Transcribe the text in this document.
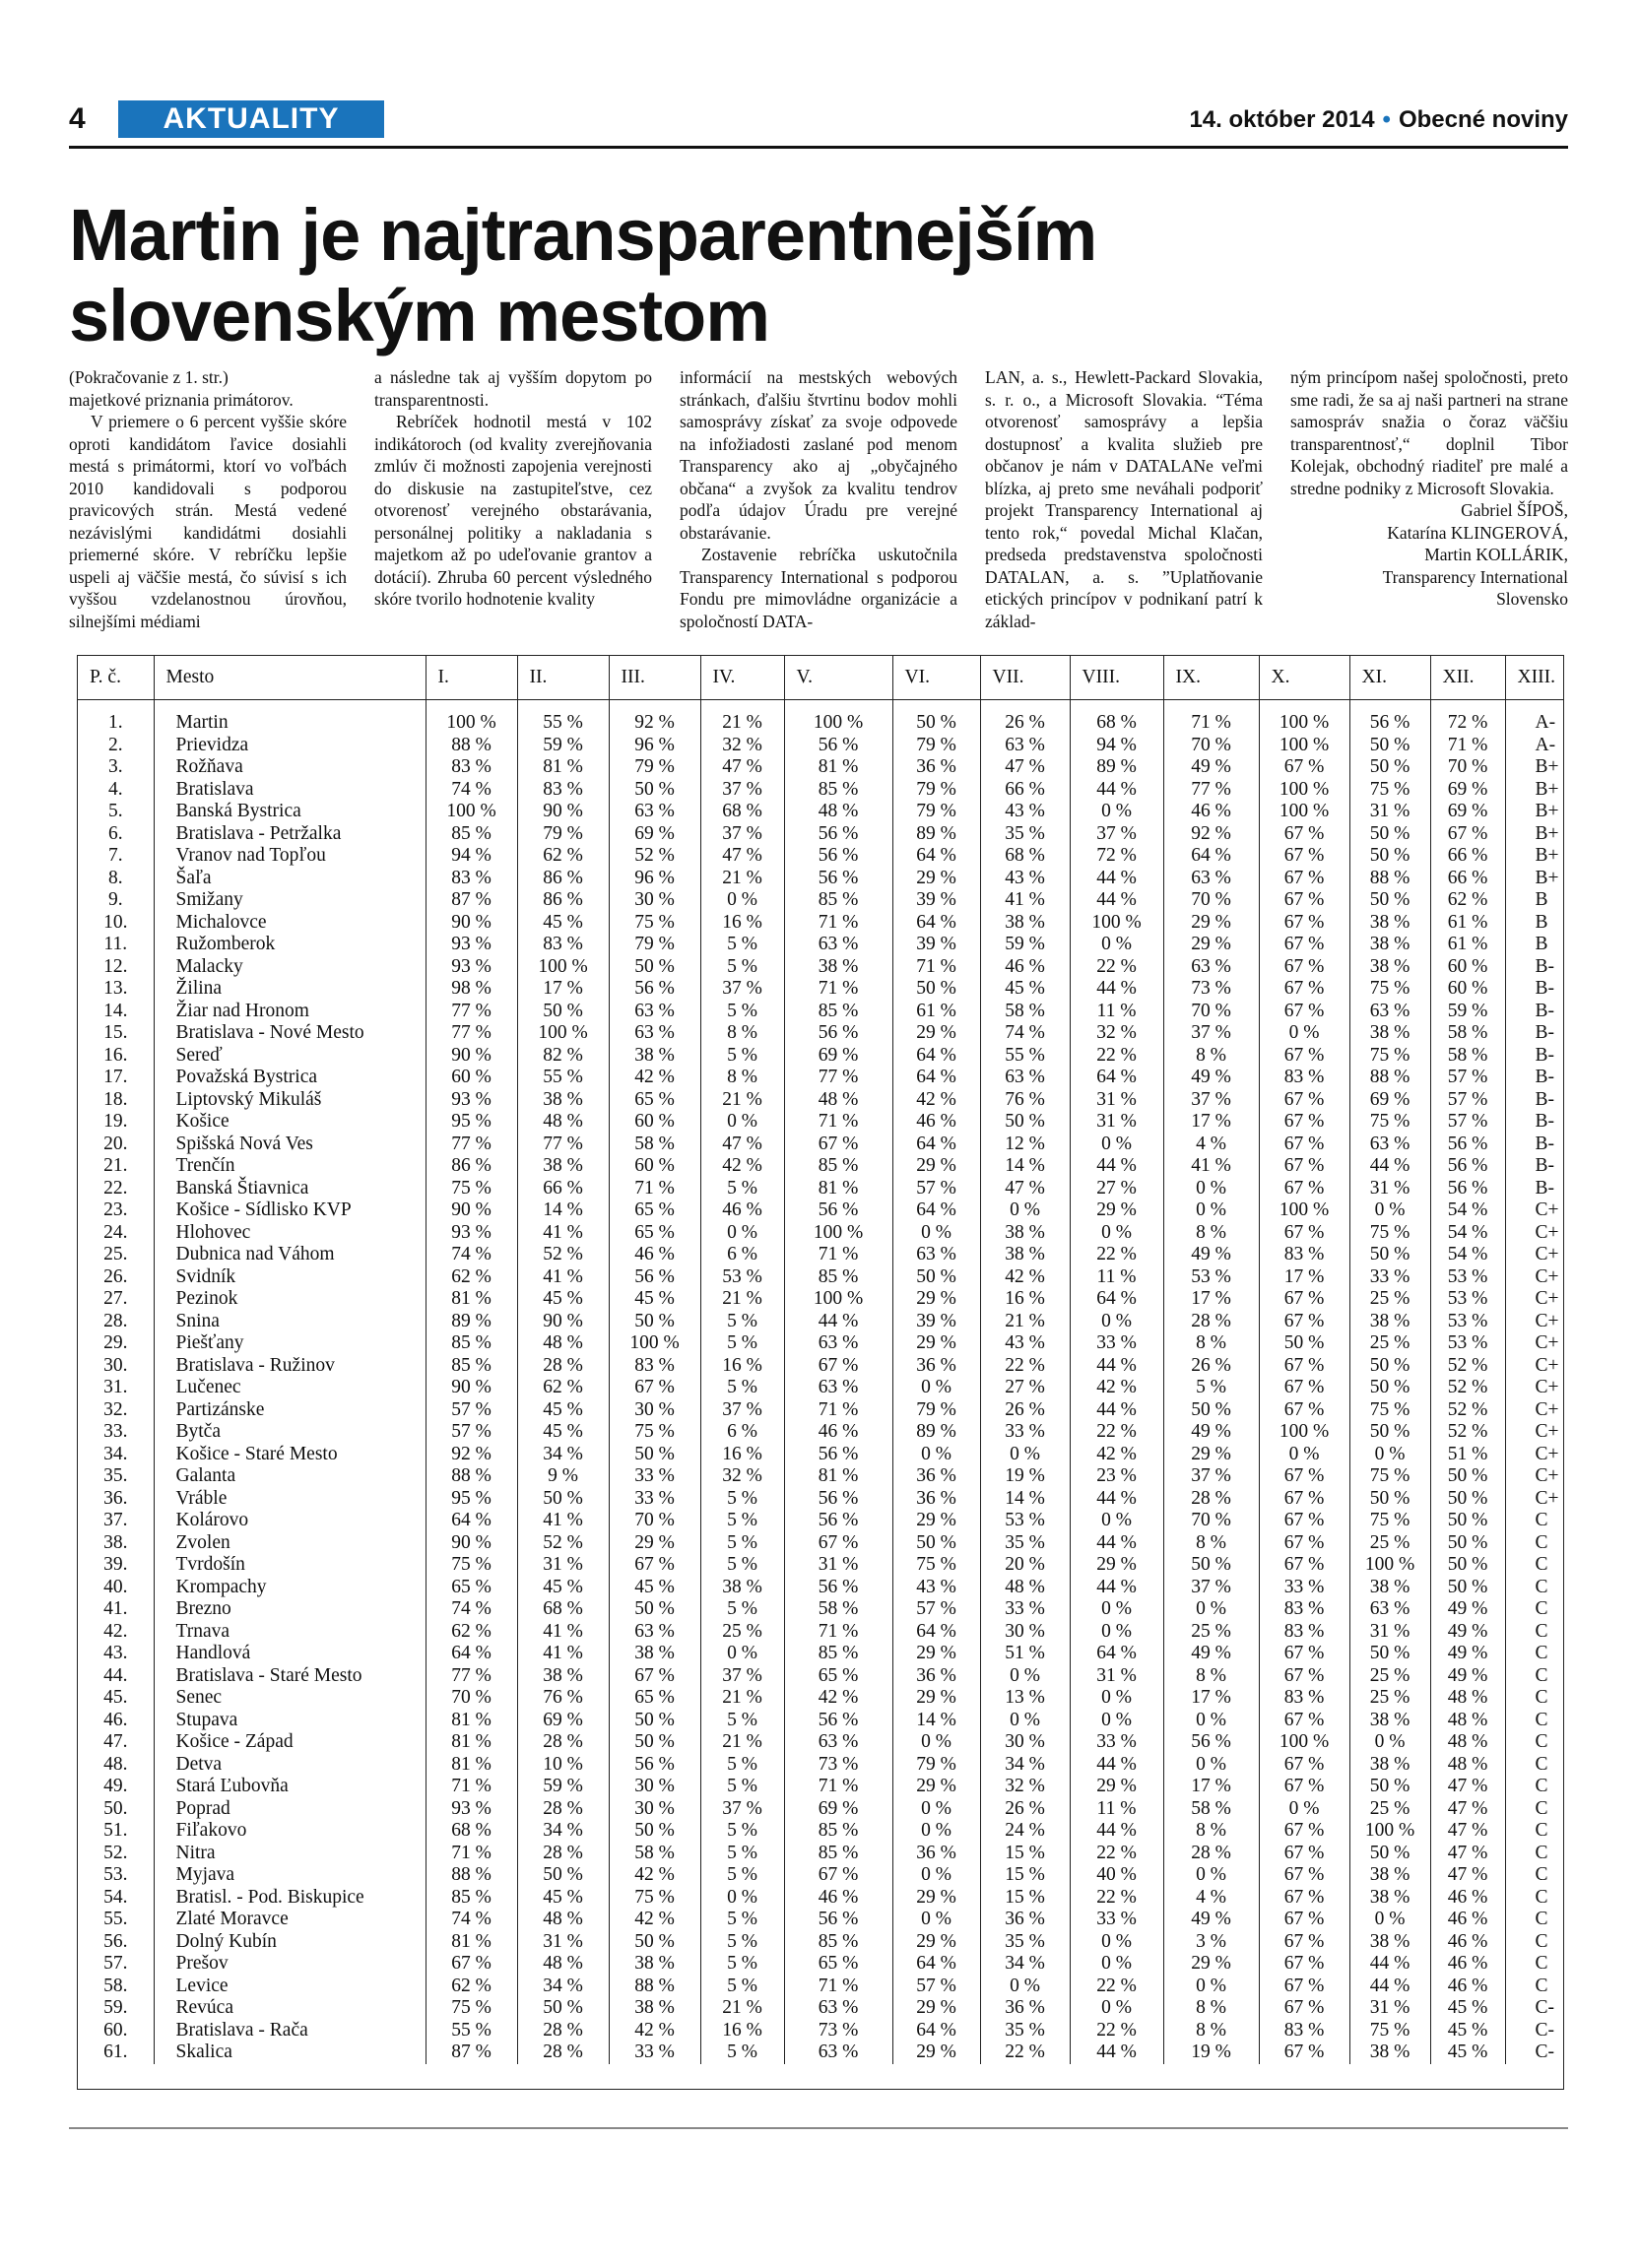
4	AKTUALITY	14. október 2014 • Obecné noviny
Martin je najtransparentnejším
slovenským mestom

(Pokračovanie z 1. str.)

majetkové priznania primátorov.

V priemere o 6 percent vyššie skóre oproti kandidátom ľavice dosiahli mestá s primátormi, ktorí vo voľbách 2010 kandidovali s podporou pravicových strán. Mestá vedené nezávislými kandidátmi dosiahli priemerné skóre. V rebríčku lepšie uspeli aj väčšie mestá, čo súvisí s ich vyššou vzdelanostnou úrovňou, silnejšími médiami

a následne tak aj vyšším dopytom po transparentnosti.

Rebríček hodnotil mestá v 102 indikátoroch (od kvality zverejňovania zmlúv či možnosti zapojenia verejnosti do diskusie na zastupiteľstve, cez otvorenosť verejného obstarávania, personálnej politiky a nakladania s majetkom až po udeľovanie grantov a dotácií). Zhruba 60 percent výsledného skóre tvorilo hodnotenie kvality

informácií na mestských webových stránkach, ďalšiu štvrtinu bodov mohli samosprávy získať za svoje odpovede na infožiadosti zaslané pod menom Transparency ako aj „obyčajného občana“ a zvyšok za kvalitu tendrov podľa údajov Úradu pre verejné obstarávanie.

Zostavenie rebríčka uskutočnila Transparency International s podporou Fondu pre mimovládne organizácie a spoločností DATA-

LAN, a. s., Hewlett-Packard Slovakia, s. r. o., a Microsoft Slovakia. “Téma otvorenosť samosprávy a lepšia dostupnosť a kvalita služieb pre občanov je nám v DATALANe veľmi blízka, aj preto sme neváhali podporiť projekt Transparency International aj tento rok,“ povedal Michal Klačan, predseda predstavenstva spoločnosti DATALAN, a. s. ”Uplatňovanie etických princípov v podnikaní patrí k základ-

ným princípom našej spoločnosti, preto sme radi, že sa aj naši partneri na strane samospráv snažia o čoraz väčšiu transparentnosť,“ doplnil Tibor Kolejak, obchodný riaditeľ pre malé a stredne podniky z Microsoft Slovakia.

Gabriel ŠÍPOŠ,

Katarína KLINGEROVÁ,

Martin KOLLÁRIK,

Transparency International

Slovensko

P. č.	Mesto	I.	II.	III.	IV.	V.	VI.	VII.	VIII.	IX.	X.	XI.	XII.	XIII.
1.	Martin	100 %	55 %	92 %	21 %	100 %	50 %	26 %	68 %	71 %	100 %	56 %	72 %	A-
2.	Prievidza	88 %	59 %	96 %	32 %	56 %	79 %	63 %	94 %	70 %	100 %	50 %	71 %	A-
3.	Rožňava	83 %	81 %	79 %	47 %	81 %	36 %	47 %	89 %	49 %	67 %	50 %	70 %	B+
4.	Bratislava	74 %	83 %	50 %	37 %	85 %	79 %	66 %	44 %	77 %	100 %	75 %	69 %	B+
5.	Banská Bystrica	100 %	90 %	63 %	68 %	48 %	79 %	43 %	0 %	46 %	100 %	31 %	69 %	B+
6.	Bratislava - Petržalka	85 %	79 %	69 %	37 %	56 %	89 %	35 %	37 %	92 %	67 %	50 %	67 %	B+
7.	Vranov nad Topľou	94 %	62 %	52 %	47 %	56 %	64 %	68 %	72 %	64 %	67 %	50 %	66 %	B+
8.	Šaľa	83 %	86 %	96 %	21 %	56 %	29 %	43 %	44 %	63 %	67 %	88 %	66 %	B+
9.	Smižany	87 %	86 %	30 %	0 %	85 %	39 %	41 %	44 %	70 %	67 %	50 %	62 %	B
10.	Michalovce	90 %	45 %	75 %	16 %	71 %	64 %	38 %	100 %	29 %	67 %	38 %	61 %	B
11.	Ružomberok	93 %	83 %	79 %	5 %	63 %	39 %	59 %	0 %	29 %	67 %	38 %	61 %	B
12.	Malacky	93 %	100 %	50 %	5 %	38 %	71 %	46 %	22 %	63 %	67 %	38 %	60 %	B-
13.	Žilina	98 %	17 %	56 %	37 %	71 %	50 %	45 %	44 %	73 %	67 %	75 %	60 %	B-
14.	Žiar nad Hronom	77 %	50 %	63 %	5 %	85 %	61 %	58 %	11 %	70 %	67 %	63 %	59 %	B-
15.	Bratislava - Nové Mesto	77 %	100 %	63 %	8 %	56 %	29 %	74 %	32 %	37 %	0 %	38 %	58 %	B-
16.	Sereď	90 %	82 %	38 %	5 %	69 %	64 %	55 %	22 %	8 %	67 %	75 %	58 %	B-
17.	Považská Bystrica	60 %	55 %	42 %	8 %	77 %	64 %	63 %	64 %	49 %	83 %	88 %	57 %	B-
18.	Liptovský Mikuláš	93 %	38 %	65 %	21 %	48 %	42 %	76 %	31 %	37 %	67 %	69 %	57 %	B-
19.	Košice	95 %	48 %	60 %	0 %	71 %	46 %	50 %	31 %	17 %	67 %	75 %	57 %	B-
20.	Spišská Nová Ves	77 %	77 %	58 %	47 %	67 %	64 %	12 %	0 %	4 %	67 %	63 %	56 %	B-
21.	Trenčín	86 %	38 %	60 %	42 %	85 %	29 %	14 %	44 %	41 %	67 %	44 %	56 %	B-
22.	Banská Štiavnica	75 %	66 %	71 %	5 %	81 %	57 %	47 %	27 %	0 %	67 %	31 %	56 %	B-
23.	Košice - Sídlisko KVP	90 %	14 %	65 %	46 %	56 %	64 %	0 %	29 %	0 %	100 %	0 %	54 %	C+
24.	Hlohovec	93 %	41 %	65 %	0 %	100 %	0 %	38 %	0 %	8 %	67 %	75 %	54 %	C+
25.	Dubnica nad Váhom	74 %	52 %	46 %	6 %	71 %	63 %	38 %	22 %	49 %	83 %	50 %	54 %	C+
26.	Svidník	62 %	41 %	56 %	53 %	85 %	50 %	42 %	11 %	53 %	17 %	33 %	53 %	C+
27.	Pezinok	81 %	45 %	45 %	21 %	100 %	29 %	16 %	64 %	17 %	67 %	25 %	53 %	C+
28.	Snina	89 %	90 %	50 %	5 %	44 %	39 %	21 %	0 %	28 %	67 %	38 %	53 %	C+
29.	Piešťany	85 %	48 %	100 %	5 %	63 %	29 %	43 %	33 %	8 %	50 %	25 %	53 %	C+
30.	Bratislava - Ružinov	85 %	28 %	83 %	16 %	67 %	36 %	22 %	44 %	26 %	67 %	50 %	52 %	C+
31.	Lučenec	90 %	62 %	67 %	5 %	63 %	0 %	27 %	42 %	5 %	67 %	50 %	52 %	C+
32.	Partizánske	57 %	45 %	30 %	37 %	71 %	79 %	26 %	44 %	50 %	67 %	75 %	52 %	C+
33.	Bytča	57 %	45 %	75 %	6 %	46 %	89 %	33 %	22 %	49 %	100 %	50 %	52 %	C+
34.	Košice - Staré Mesto	92 %	34 %	50 %	16 %	56 %	0 %	0 %	42 %	29 %	0 %	0 %	51 %	C+
35.	Galanta	88 %	9 %	33 %	32 %	81 %	36 %	19 %	23 %	37 %	67 %	75 %	50 %	C+
36.	Vráble	95 %	50 %	33 %	5 %	56 %	36 %	14 %	44 %	28 %	67 %	50 %	50 %	C+
37.	Kolárovo	64 %	41 %	70 %	5 %	56 %	29 %	53 %	0 %	70 %	67 %	75 %	50 %	C
38.	Zvolen	90 %	52 %	29 %	5 %	67 %	50 %	35 %	44 %	8 %	67 %	25 %	50 %	C
39.	Tvrdošín	75 %	31 %	67 %	5 %	31 %	75 %	20 %	29 %	50 %	67 %	100 %	50 %	C
40.	Krompachy	65 %	45 %	45 %	38 %	56 %	43 %	48 %	44 %	37 %	33 %	38 %	50 %	C
41.	Brezno	74 %	68 %	50 %	5 %	58 %	57 %	33 %	0 %	0 %	83 %	63 %	49 %	C
42.	Trnava	62 %	41 %	63 %	25 %	71 %	64 %	30 %	0 %	25 %	83 %	31 %	49 %	C
43.	Handlová	64 %	41 %	38 %	0 %	85 %	29 %	51 %	64 %	49 %	67 %	50 %	49 %	C
44.	Bratislava - Staré Mesto	77 %	38 %	67 %	37 %	65 %	36 %	0 %	31 %	8 %	67 %	25 %	49 %	C
45.	Senec	70 %	76 %	65 %	21 %	42 %	29 %	13 %	0 %	17 %	83 %	25 %	48 %	C
46.	Stupava	81 %	69 %	50 %	5 %	56 %	14 %	0 %	0 %	0 %	67 %	38 %	48 %	C
47.	Košice - Západ	81 %	28 %	50 %	21 %	63 %	0 %	30 %	33 %	56 %	100 %	0 %	48 %	C
48.	Detva	81 %	10 %	56 %	5 %	73 %	79 %	34 %	44 %	0 %	67 %	38 %	48 %	C
49.	Stará Ľubovňa	71 %	59 %	30 %	5 %	71 %	29 %	32 %	29 %	17 %	67 %	50 %	47 %	C
50.	Poprad	93 %	28 %	30 %	37 %	69 %	0 %	26 %	11 %	58 %	0 %	25 %	47 %	C
51.	Fiľakovo	68 %	34 %	50 %	5 %	85 %	0 %	24 %	44 %	8 %	67 %	100 %	47 %	C
52.	Nitra	71 %	28 %	58 %	5 %	85 %	36 %	15 %	22 %	28 %	67 %	50 %	47 %	C
53.	Myjava	88 %	50 %	42 %	5 %	67 %	0 %	15 %	40 %	0 %	67 %	38 %	47 %	C
54.	Bratisl. - Pod. Biskupice	85 %	45 %	75 %	0 %	46 %	29 %	15 %	22 %	4 %	67 %	38 %	46 %	C
55.	Zlaté Moravce	74 %	48 %	42 %	5 %	56 %	0 %	36 %	33 %	49 %	67 %	0 %	46 %	C
56.	Dolný Kubín	81 %	31 %	50 %	5 %	85 %	29 %	35 %	0 %	3 %	67 %	38 %	46 %	C
57.	Prešov	67 %	48 %	38 %	5 %	65 %	64 %	34 %	0 %	29 %	67 %	44 %	46 %	C
58.	Levice	62 %	34 %	88 %	5 %	71 %	57 %	0 %	22 %	0 %	67 %	44 %	46 %	C
59.	Revúca	75 %	50 %	38 %	21 %	63 %	29 %	36 %	0 %	8 %	67 %	31 %	45 %	C-
60.	Bratislava - Rača	55 %	28 %	42 %	16 %	73 %	64 %	35 %	22 %	8 %	83 %	75 %	45 %	C-
61.	Skalica	87 %	28 %	33 %	5 %	63 %	29 %	22 %	44 %	19 %	67 %	38 %	45 %	C-
